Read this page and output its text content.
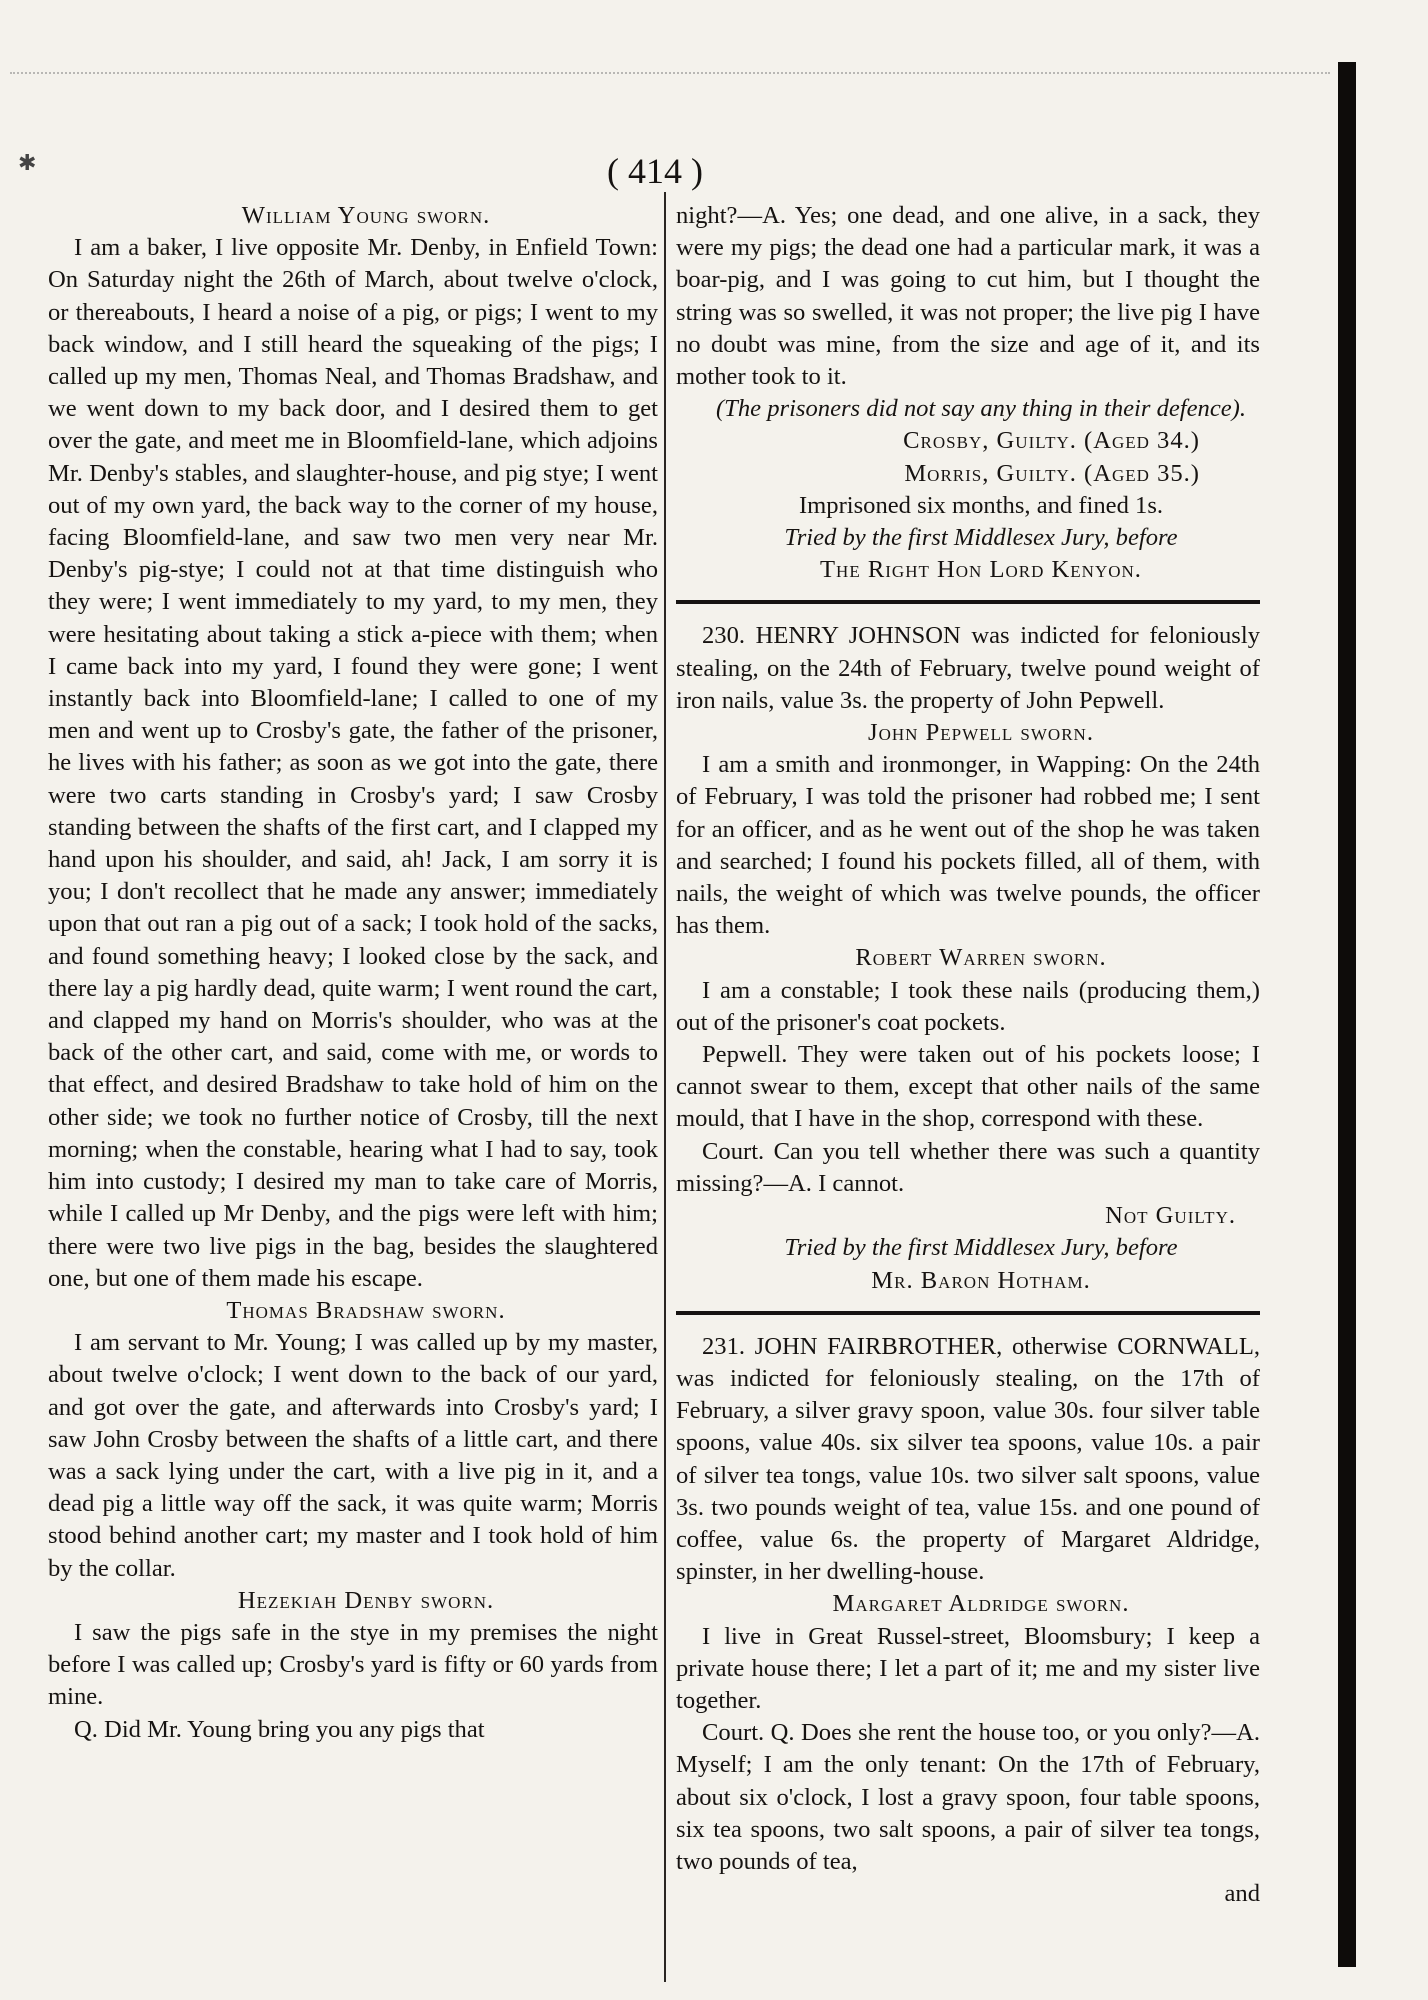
✱	( 414 )

William Young sworn.

I am a baker, I live opposite Mr. Denby, in Enfield Town: On Saturday night the 26th of March, about twelve o'clock, or thereabouts, I heard a noise of a pig, or pigs; I went to my back window, and I still heard the squeaking of the pigs; I called up my men, Thomas Neal, and Thomas Bradshaw, and we went down to my back door, and I desired them to get over the gate, and meet me in Bloomfield-lane, which adjoins Mr. Denby's stables, and slaughter-house, and pig stye; I went out of my own yard, the back way to the corner of my house, facing Bloomfield-lane, and saw two men very near Mr. Denby's pig-stye; I could not at that time distinguish who they were; I went immediately to my yard, to my men, they were hesitating about taking a stick a-piece with them; when I came back into my yard, I found they were gone; I went instantly back into Bloomfield-lane; I called to one of my men and went up to Crosby's gate, the father of the prisoner, he lives with his father; as soon as we got into the gate, there were two carts standing in Crosby's yard; I saw Crosby standing between the shafts of the first cart, and I clapped my hand upon his shoulder, and said, ah! Jack, I am sorry it is you; I don't recollect that he made any answer; immediately upon that out ran a pig out of a sack; I took hold of the sacks, and found something heavy; I looked close by the sack, and there lay a pig hardly dead, quite warm; I went round the cart, and clapped my hand on Morris's shoulder, who was at the back of the other cart, and said, come with me, or words to that effect, and desired Bradshaw to take hold of him on the other side; we took no further notice of Crosby, till the next morning; when the constable, hearing what I had to say, took him into custody; I desired my man to take care of Morris, while I called up Mr Denby, and the pigs were left with him; there were two live pigs in the bag, besides the slaughtered one, but one of them made his escape.

Thomas Bradshaw sworn.

I am servant to Mr. Young; I was called up by my master, about twelve o'clock; I went down to the back of our yard, and got over the gate, and afterwards into Crosby's yard; I saw John Crosby between the shafts of a little cart, and there was a sack lying under the cart, with a live pig in it, and a dead pig a little way off the sack, it was quite warm; Morris stood behind another cart; my master and I took hold of him by the collar.

Hezekiah Denby sworn.

I saw the pigs safe in the stye in my premises the night before I was called up; Crosby's yard is fifty or 60 yards from mine.

Q. Did Mr. Young bring you any pigs that

night?—A. Yes; one dead, and one alive, in a sack, they were my pigs; the dead one had a particular mark, it was a boar-pig, and I was going to cut him, but I thought the string was so swelled, it was not proper; the live pig I have no doubt was mine, from the size and age of it, and its mother took to it.

(The prisoners did not say any thing in their defence).

Crosby, Guilty. (Aged 34.)

Morris, Guilty. (Aged 35.)

Imprisoned six months, and fined 1s.

Tried by the first Middlesex Jury, before

The Right Hon Lord Kenyon.

230. HENRY JOHNSON was indicted for feloniously stealing, on the 24th of February, twelve pound weight of iron nails, value 3s. the property of John Pepwell.

John Pepwell sworn.

I am a smith and ironmonger, in Wapping: On the 24th of February, I was told the prisoner had robbed me; I sent for an officer, and as he went out of the shop he was taken and searched; I found his pockets filled, all of them, with nails, the weight of which was twelve pounds, the officer has them.

Robert Warren sworn.

I am a constable; I took these nails (producing them,) out of the prisoner's coat pockets.

Pepwell. They were taken out of his pockets loose; I cannot swear to them, except that other nails of the same mould, that I have in the shop, correspond with these.

Court. Can you tell whether there was such a quantity missing?—A. I cannot.

Not Guilty.

Tried by the first Middlesex Jury, before

Mr. Baron Hotham.

231. JOHN FAIRBROTHER, otherwise CORNWALL, was indicted for feloniously stealing, on the 17th of February, a silver gravy spoon, value 30s. four silver table spoons, value 40s. six silver tea spoons, value 10s. a pair of silver tea tongs, value 10s. two silver salt spoons, value 3s. two pounds weight of tea, value 15s. and one pound of coffee, value 6s. the property of Margaret Aldridge, spinster, in her dwelling-house.

Margaret Aldridge sworn.

I live in Great Russel-street, Bloomsbury; I keep a private house there; I let a part of it; me and my sister live together.

Court. Q. Does she rent the house too, or you only?—A. Myself; I am the only tenant: On the 17th of February, about six o'clock, I lost a gravy spoon, four table spoons, six tea spoons, two salt spoons, a pair of silver tea tongs, two pounds of tea,

and
